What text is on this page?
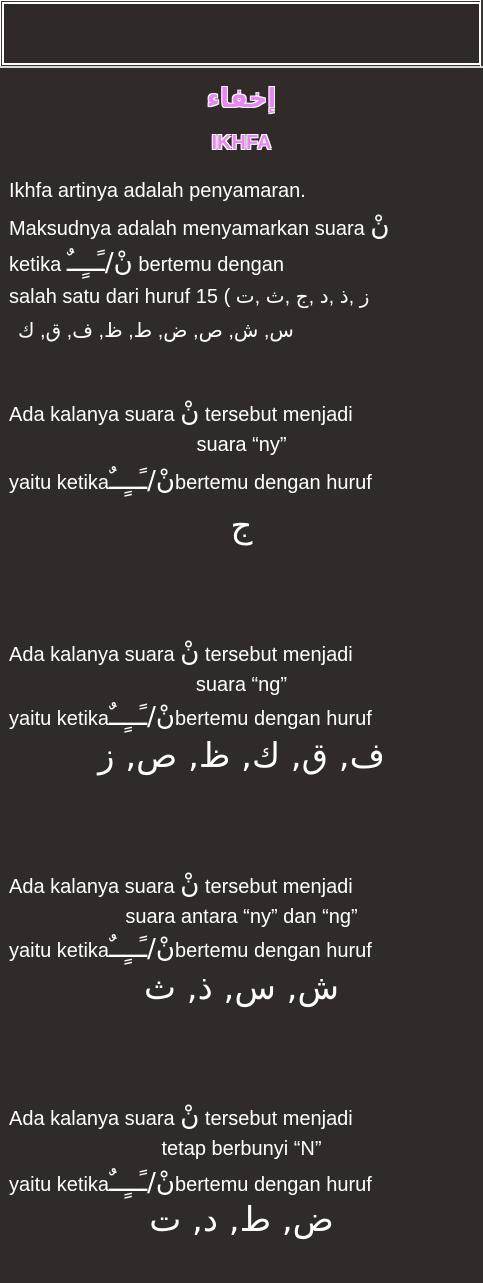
إخفاء
IKHFA
Ikhfa artinya adalah penyamaran.
Maksudnya adalah menyamarkan suara نْ
ketika نْ/ـًــٍــٌ bertemu dengan
salah satu dari huruf 15 ( ز ,ذ ,د ,ج ,ث ,ت
س, ش, ص, ض, ط, ظ, ف, ق, ك
Ada kalanya suara نْ tersebut menjadi
suara “ny”
yaitu ketikaنْ/ـًــٍــٌbertemu dengan huruf
ج
Ada kalanya suara نْ tersebut menjadi
suara “ng”
yaitu ketikaنْ/ـًــٍــٌbertemu dengan huruf
ف, ق, ك, ظ, ص, ز
Ada kalanya suara نْ tersebut menjadi
suara antara “ny” dan “ng”
yaitu ketikaنْ/ـًــٍــٌbertemu dengan huruf
ش, س, ذ, ث
Ada kalanya suara نْ tersebut menjadi
tetap berbunyi “N”
yaitu ketikaنْ/ـًــٍــٌbertemu dengan huruf
ض, ط, د, ت
